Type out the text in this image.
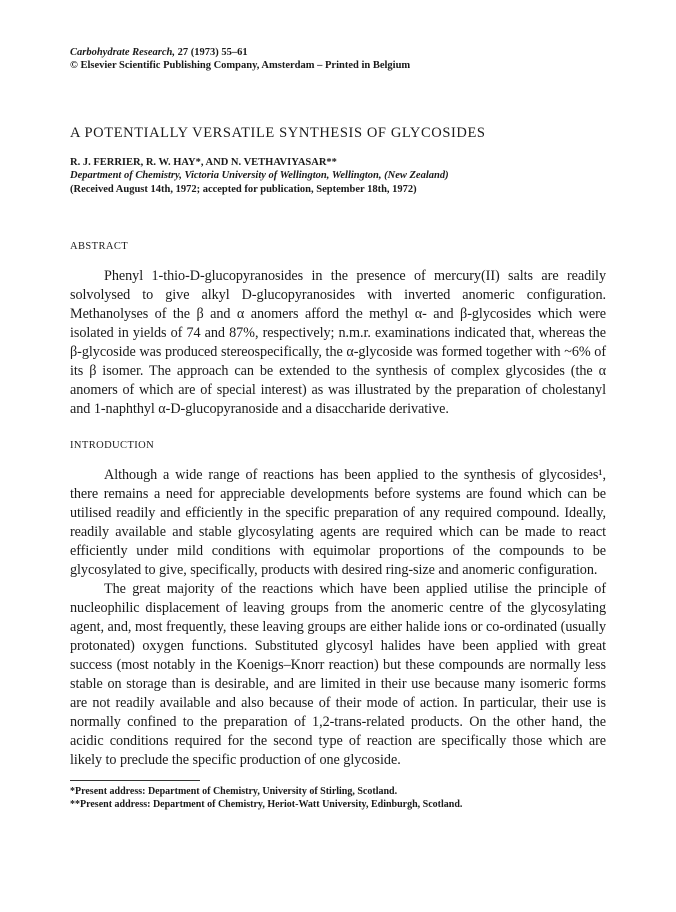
Carbohydrate Research, 27 (1973) 55–61
© Elsevier Scientific Publishing Company, Amsterdam – Printed in Belgium
A POTENTIALLY VERSATILE SYNTHESIS OF GLYCOSIDES
R. J. FERRIER, R. W. HAY*, AND N. VETHAVIYASAR**
Department of Chemistry, Victoria University of Wellington, Wellington, (New Zealand)
(Received August 14th, 1972; accepted for publication, September 18th, 1972)
ABSTRACT

Phenyl 1-thio-D-glucopyranosides in the presence of mercury(II) salts are readily solvolysed to give alkyl D-glucopyranosides with inverted anomeric configuration. Methanolyses of the β and α anomers afford the methyl α- and β-glycosides which were isolated in yields of 74 and 87%, respectively; n.m.r. examinations indicated that, whereas the β-glycoside was produced stereospecifically, the α-glycoside was formed together with ~6% of its β isomer. The approach can be extended to the synthesis of complex glycosides (the α anomers of which are of special interest) as was illustrated by the preparation of cholestanyl and 1-naphthyl α-D-glucopyranoside and a disaccharide derivative.

INTRODUCTION

Although a wide range of reactions has been applied to the synthesis of glycosides¹, there remains a need for appreciable developments before systems are found which can be utilised readily and efficiently in the specific preparation of any required compound. Ideally, readily available and stable glycosylating agents are required which can be made to react efficiently under mild conditions with equimolar proportions of the compounds to be glycosylated to give, specifically, products with desired ring-size and anomeric configuration.

The great majority of the reactions which have been applied utilise the principle of nucleophilic displacement of leaving groups from the anomeric centre of the glycosylating agent, and, most frequently, these leaving groups are either halide ions or co-ordinated (usually protonated) oxygen functions. Substituted glycosyl halides have been applied with great success (most notably in the Koenigs–Knorr reaction) but these compounds are normally less stable on storage than is desirable, and are limited in their use because many isomeric forms are not readily available and also because of their mode of action. In particular, their use is normally confined to the preparation of 1,2-trans-related products. On the other hand, the acidic conditions required for the second type of reaction are specifically those which are likely to preclude the specific production of one glycoside.

*Present address: Department of Chemistry, University of Stirling, Scotland.
**Present address: Department of Chemistry, Heriot-Watt University, Edinburgh, Scotland.
